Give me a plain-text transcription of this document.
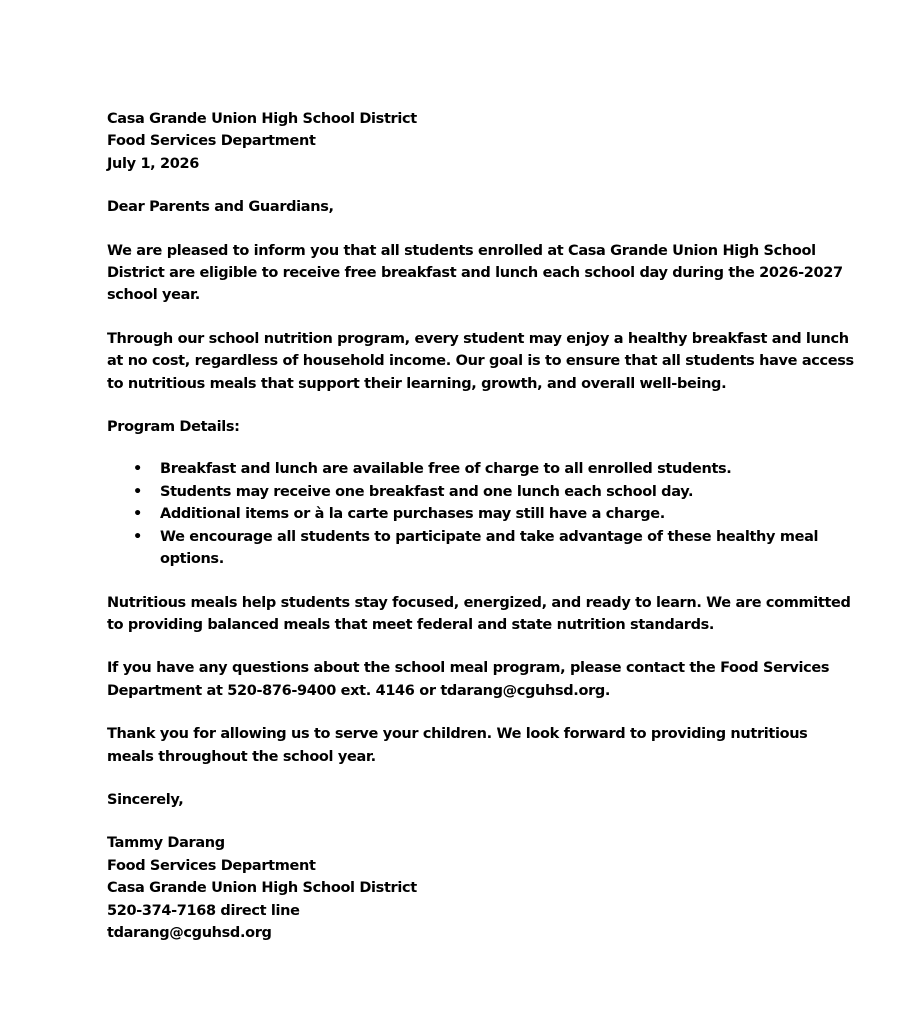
Casa Grande Union High School District
Food Services Department
July 1, 2026

Dear Parents and Guardians,

We are pleased to inform you that all students enrolled at Casa Grande Union High School
District are eligible to receive free breakfast and lunch each school day during the 2026-2027
school year.

Through our school nutrition program, every student may enjoy a healthy breakfast and lunch
at no cost, regardless of household income. Our goal is to ensure that all students have access
to nutritious meals that support their learning, growth, and overall well-being.

Program Details:
• Breakfast and lunch are available free of charge to all enrolled students.
• Students may receive one breakfast and one lunch each school day.
• Additional items or à la carte purchases may still have a charge.
• We encourage all students to participate and take advantage of these healthy meal
options.

Nutritious meals help students stay focused, energized, and ready to learn. We are committed
to providing balanced meals that meet federal and state nutrition standards.

If you have any questions about the school meal program, please contact the Food Services
Department at 520-876-9400 ext. 4146 or tdarang@cguhsd.org.

Thank you for allowing us to serve your children. We look forward to providing nutritious
meals throughout the school year.

Sincerely,

Tammy Darang
Food Services Department
Casa Grande Union High School District
520-374-7168 direct line
tdarang@cguhsd.org
